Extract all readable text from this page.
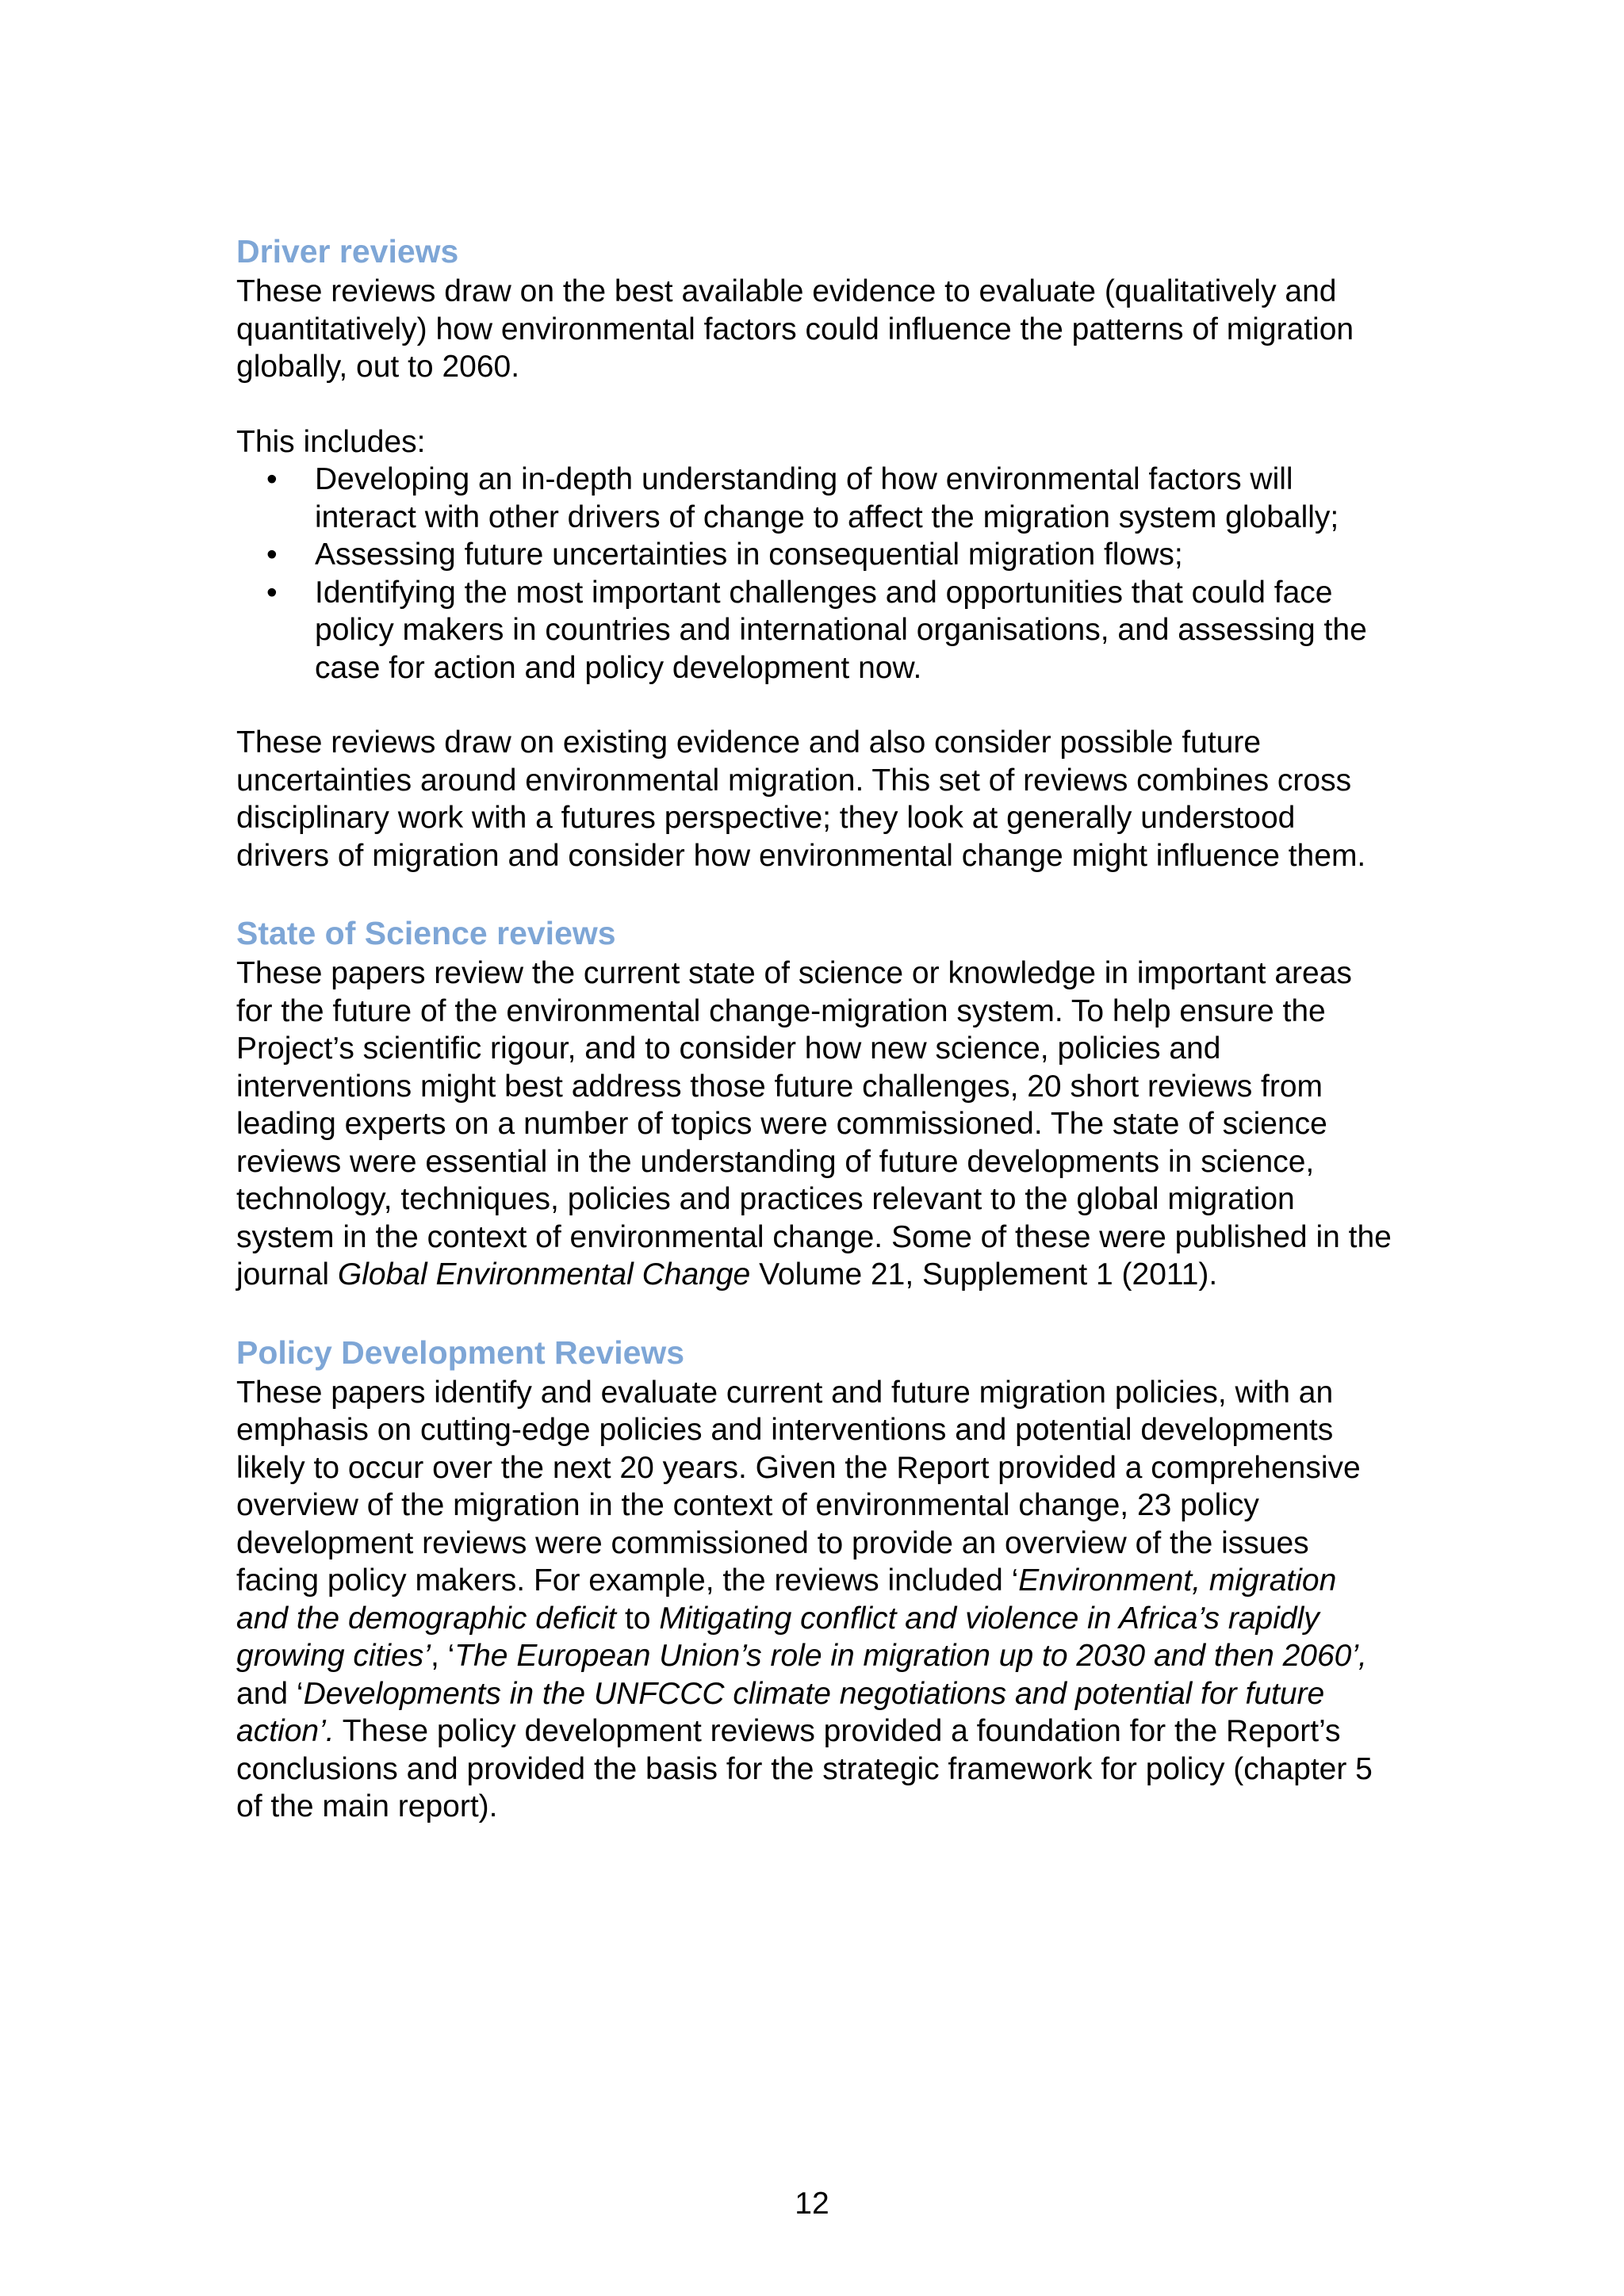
Driver reviews

These reviews draw on the best available evidence to evaluate (qualitatively and quantitatively) how environmental factors could influence the patterns of migration globally, out to 2060.

This includes:

• Developing an in-depth understanding of how environmental factors will interact with other drivers of change to affect the migration system globally;
• Assessing future uncertainties in consequential migration flows;
• Identifying the most important challenges and opportunities that could face policy makers in countries and international organisations, and assessing the case for action and policy development now.

These reviews draw on existing evidence and also consider possible future uncertainties around environmental migration. This set of reviews combines cross disciplinary work with a futures perspective; they look at generally understood drivers of migration and consider how environmental change might influence them.

State of Science reviews

These papers review the current state of science or knowledge in important areas for the future of the environmental change-migration system. To help ensure the Project’s scientific rigour, and to consider how new science, policies and interventions might best address those future challenges, 20 short reviews from leading experts on a number of topics were commissioned. The state of science reviews were essential in the understanding of future developments in science, technology, techniques, policies and practices relevant to the global migration system in the context of environmental change. Some of these were published in the journal Global Environmental Change Volume 21, Supplement 1 (2011).

Policy Development Reviews

These papers identify and evaluate current and future migration policies, with an emphasis on cutting-edge policies and interventions and potential developments likely to occur over the next 20 years. Given the Report provided a comprehensive overview of the migration in the context of environmental change, 23 policy development reviews were commissioned to provide an overview of the issues facing policy makers. For example, the reviews included ‘Environment, migration and the demographic deficit to Mitigating conflict and violence in Africa’s rapidly growing cities’, ‘The European Union’s role in migration up to 2030 and then 2060’, and ‘Developments in the UNFCCC climate negotiations and potential for future action’. These policy development reviews provided a foundation for the Report’s conclusions and provided the basis for the strategic framework for policy (chapter 5 of the main report).

12
